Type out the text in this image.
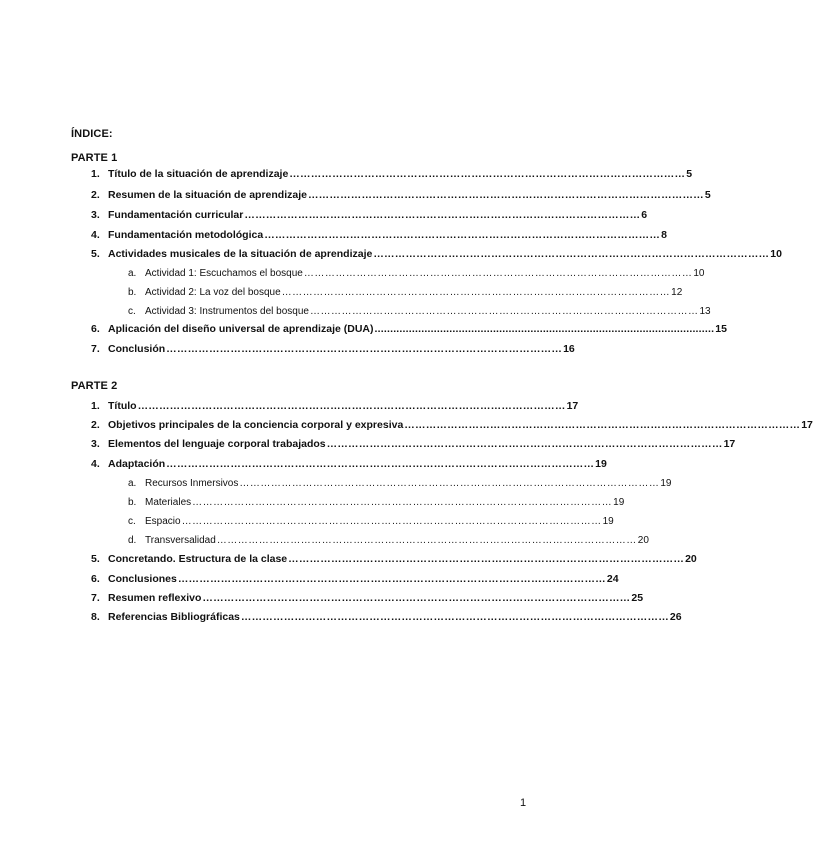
ÍNDICE:
PARTE 1
1. Título de la situación de aprendizaje ………………………………………………………………………………………………… 5
2. Resumen de la situación de aprendizaje ………………………………………………………………………………………………… 5
3. Fundamentación curricular ………………………………………………………………………………………………… 6
4. Fundamentación metodológica ………………………………………………………………………………………………… 8
5. Actividades musicales de la situación de aprendizaje ………………………………………………………………………………………………… 10
a. Actividad 1: Escuchamos el bosque ………………………………………………………………………………………………… 10
b. Actividad 2: La voz del bosque ………………………………………………………………………………………………… 12
c. Actividad 3: Instrumentos del bosque ………………………………………………………………………………………………… 13
6. Aplicación del diseño universal de aprendizaje (DUA) ............................................................................................................. 15
7. Conclusión ………………………………………………………………………………………………… 16
PARTE 2
1. Título ………………………………………………………………………………………………………… 17
2. Objetivos principales de la conciencia corporal y expresiva ………………………………………………………………………………………………… 17
3. Elementos del lenguaje corporal trabajados ………………………………………………………………………………………………… 17
4. Adaptación ………………………………………………………………………………………………………… 19
a. Recursos Inmersivos ………………………………………………………………………………………………………… 19
b. Materiales ………………………………………………………………………………………………………… 19
c. Espacio ………………………………………………………………………………………………………… 19
d. Transversalidad ………………………………………………………………………………………………………… 20
5. Concretando. Estructura de la clase ………………………………………………………………………………………………… 20
6. Conclusiones ………………………………………………………………………………………………………… 24
7. Resumen reflexivo ………………………………………………………………………………………………………… 25
8. Referencias Bibliográficas ………………………………………………………………………………………………………… 26
1
